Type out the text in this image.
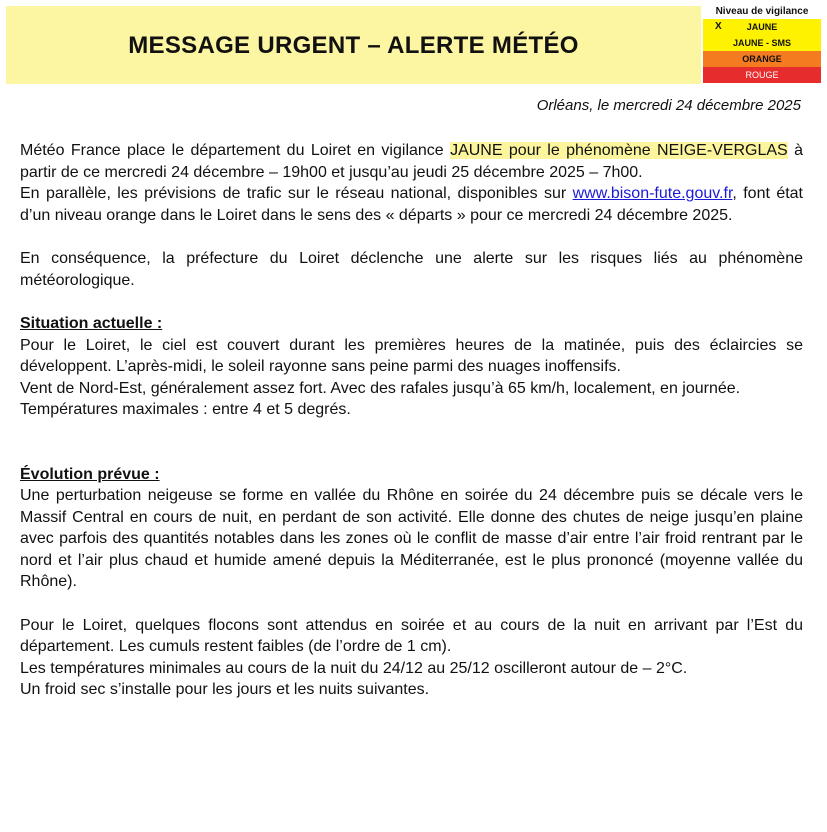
MESSAGE URGENT – ALERTE MÉTÉO
Niveau de vigilance
X	JAUNE
JAUNE - SMS
ORANGE
ROUGE
Orléans, le mercredi 24 décembre 2025

Météo France place le département du Loiret en vigilance JAUNE pour le phénomène NEIGE-VERGLAS à partir de ce mercredi 24 décembre – 19h00 et jusqu’au jeudi 25 décembre 2025 – 7h00.

En parallèle, les prévisions de trafic sur le réseau national, disponibles sur www.bison-fute.gouv.fr, font état d’un niveau orange dans le Loiret dans le sens des « départs » pour ce mercredi 24 décembre 2025.

En conséquence, la préfecture du Loiret déclenche une alerte sur les risques liés au phénomène météorologique.

Situation actuelle :

Pour le Loiret, le ciel est couvert durant les premières heures de la matinée, puis des éclaircies se développent. L’après-midi, le soleil rayonne sans peine parmi des nuages inoffensifs.

Vent de Nord-Est, généralement assez fort. Avec des rafales jusqu’à 65 km/h, localement, en journée.

Températures maximales : entre 4 et 5 degrés.

Évolution prévue :

Une perturbation neigeuse se forme en vallée du Rhône en soirée du 24 décembre puis se décale vers le Massif Central en cours de nuit, en perdant de son activité. Elle donne des chutes de neige jusqu’en plaine avec parfois des quantités notables dans les zones où le conflit de masse d’air entre l’air froid rentrant par le nord et l’air plus chaud et humide amené depuis la Méditerranée, est le plus prononcé (moyenne vallée du Rhône).

Pour le Loiret, quelques flocons sont attendus en soirée et au cours de la nuit en arrivant par l’Est du département. Les cumuls restent faibles (de l’ordre de 1 cm).

Les températures minimales au cours de la nuit du 24/12 au 25/12 oscilleront autour de – 2°C.

Un froid sec s’installe pour les jours et les nuits suivantes.
